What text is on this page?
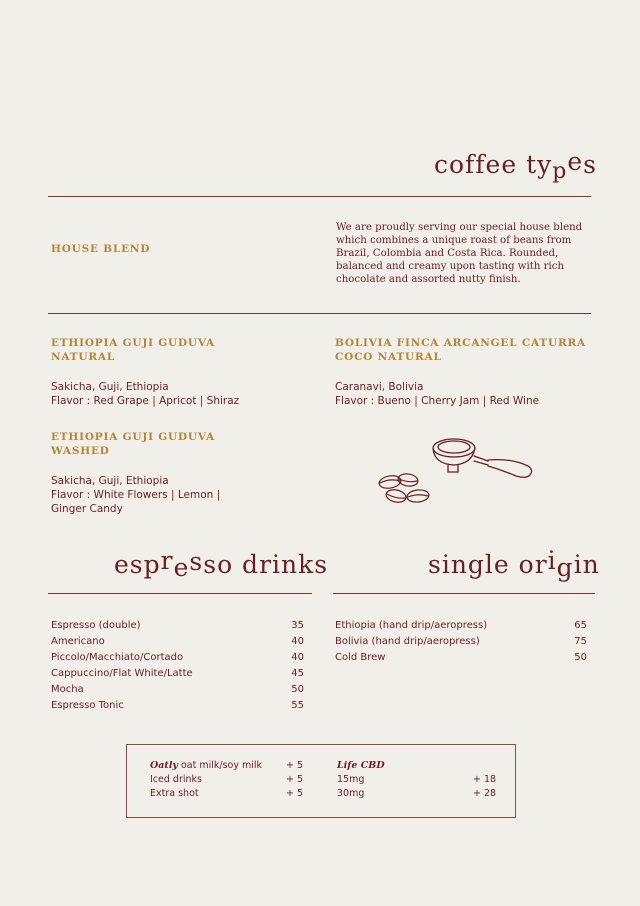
coffee types
HOUSE BLEND
We are proudly serving our special house blend
which combines a unique roast of beans from
Brazil, Colombia and Costa Rica. Rounded,
balanced and creamy upon tasting with rich
chocolate and assorted nutty finish.
ETHIOPIA GUJI GUDUVA
NATURAL
Sakicha, Guji, Ethiopia
Flavor : Red Grape | Apricot | Shiraz
BOLIVIA FINCA ARCANGEL CATURRA
COCO NATURAL
Caranavi, Bolivia
Flavor : Bueno | Cherry Jam | Red Wine
ETHIOPIA GUJI GUDUVA
WASHED
Sakicha, Guji, Ethiopia
Flavor : White Flowers | Lemon |
Ginger Candy
espresso drinks
Espresso (double)	35
Americano	40
Piccolo/Macchiato/Cortado	40
Cappuccino/Flat White/Latte	45
Mocha	50
Espresso Tonic	55
single origin
Ethiopia (hand drip/aeropress)	65
Bolivia (hand drip/aeropress)	75
Cold Brew	50
Oatly oat milk/soy milk	+ 5
Iced drinks	+ 5
Extra shot	+ 5
Life CBD
15mg	+ 18
30mg	+ 28
